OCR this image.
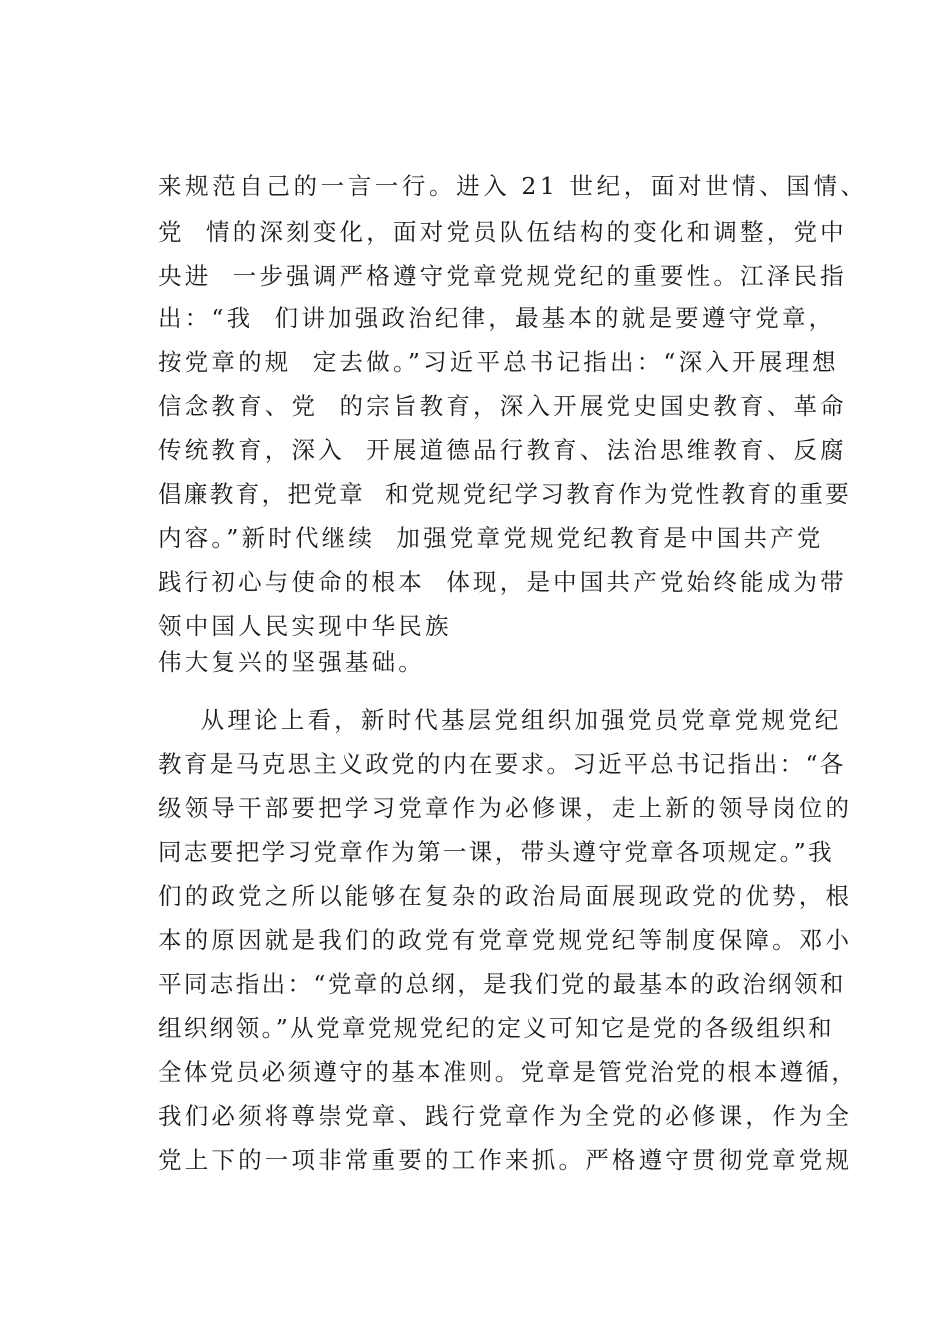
来规范自己的一言一行。进入 21 世纪，面对世情、国情、
党  情的深刻变化，面对党员队伍结构的变化和调整，党中
央进  一步强调严格遵守党章党规党纪的重要性。江泽民指
出：“我  们讲加强政治纪律，最基本的就是要遵守党章，
按党章的规  定去做。”习近平总书记指出：“深入开展理想
信念教育、党  的宗旨教育，深入开展党史国史教育、革命
传统教育，深入  开展道德品行教育、法治思维教育、反腐
倡廉教育，把党章  和党规党纪学习教育作为党性教育的重要
内容。”新时代继续  加强党章党规党纪教育是中国共产党
践行初心与使命的根本  体现，是中国共产党始终能成为带
领中国人民实现中华民族
伟大复兴的坚强基础。
从理论上看，新时代基层党组织加强党员党章党规党纪
教育是马克思主义政党的内在要求。习近平总书记指出：“各
级领导干部要把学习党章作为必修课，走上新的领导岗位的
同志要把学习党章作为第一课，带头遵守党章各项规定。”我
们的政党之所以能够在复杂的政治局面展现政党的优势，根
本的原因就是我们的政党有党章党规党纪等制度保障。邓小
平同志指出：“党章的总纲，是我们党的最基本的政治纲领和
组织纲领。”从党章党规党纪的定义可知它是党的各级组织和
全体党员必须遵守的基本准则。党章是管党治党的根本遵循，
我们必须将尊崇党章、践行党章作为全党的必修课，作为全
党上下的一项非常重要的工作来抓。严格遵守贯彻党章党规
